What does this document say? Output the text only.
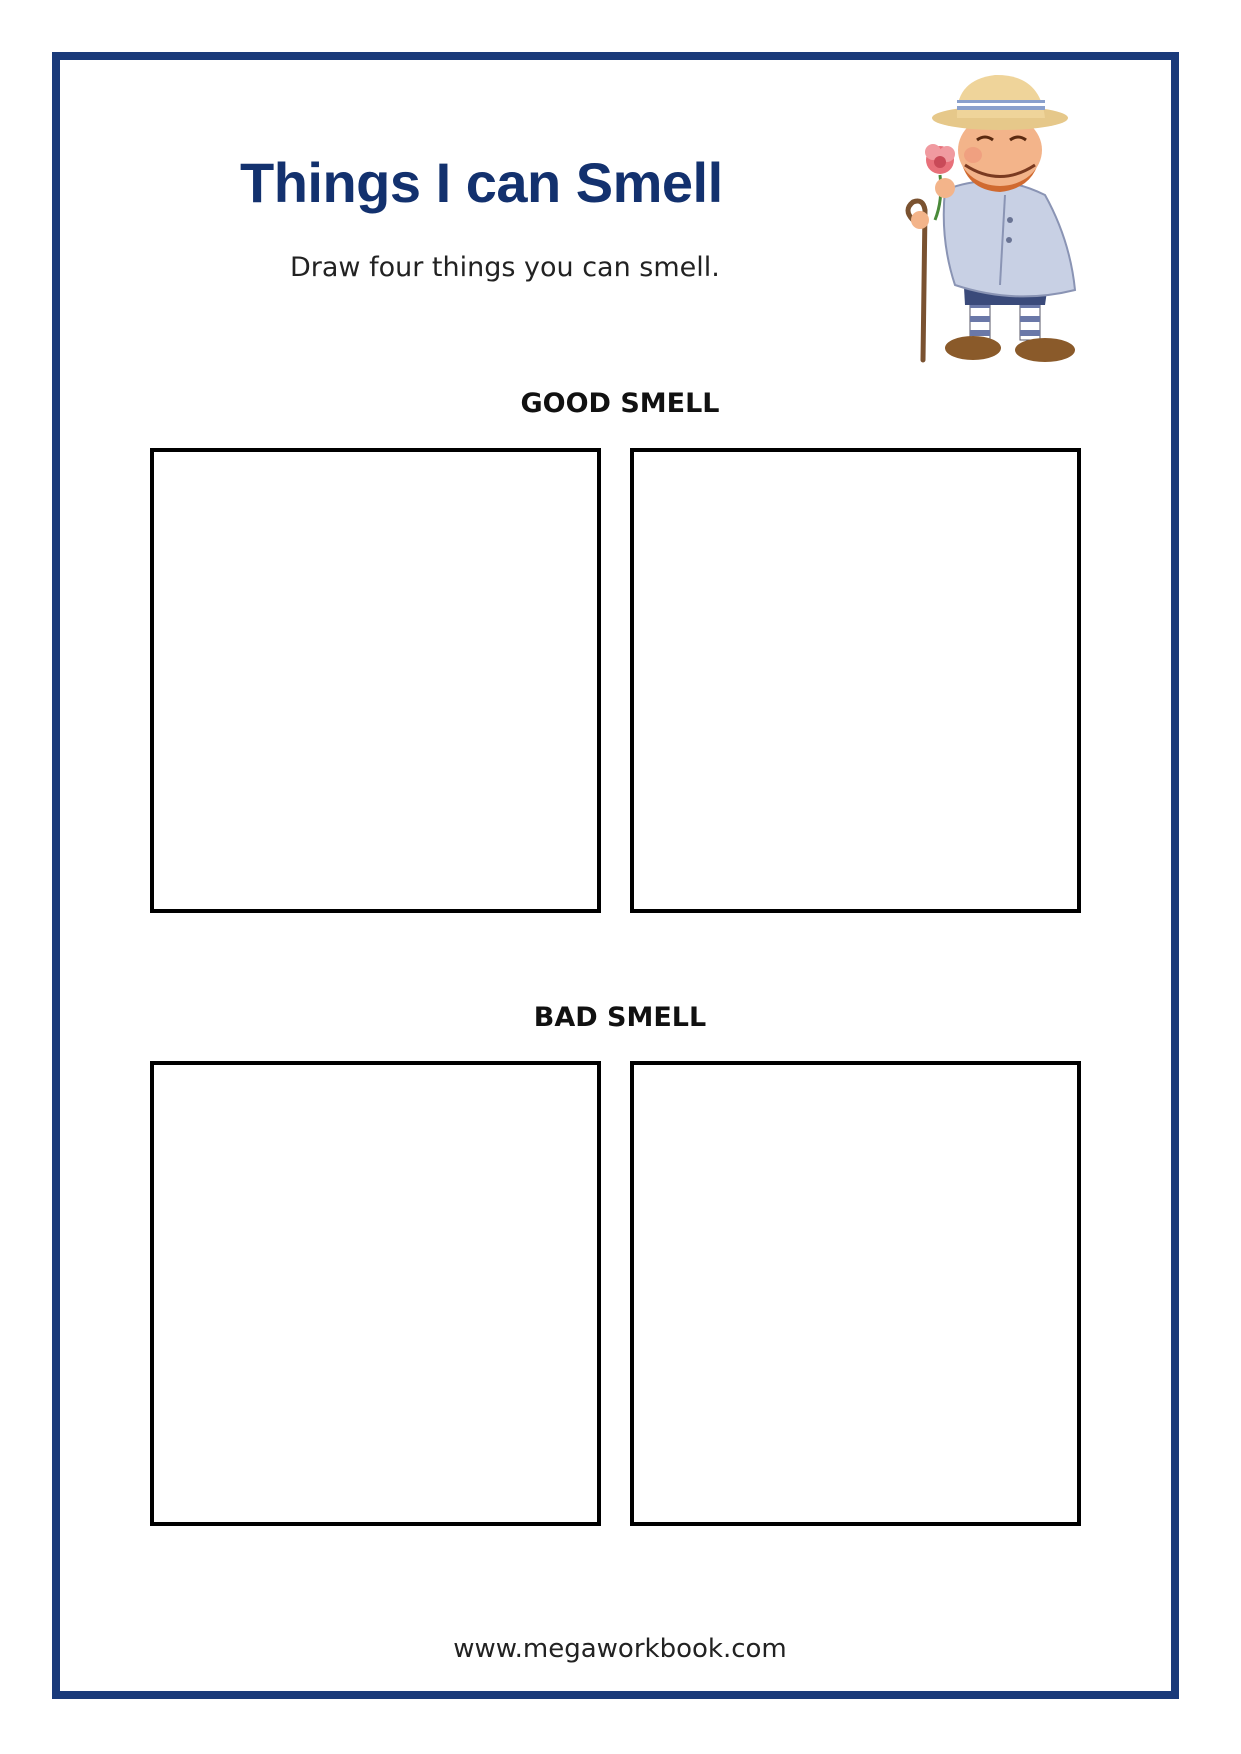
Things I can Smell
Draw four things you can smell.
GOOD SMELL
BAD SMELL
www.megaworkbook.com
